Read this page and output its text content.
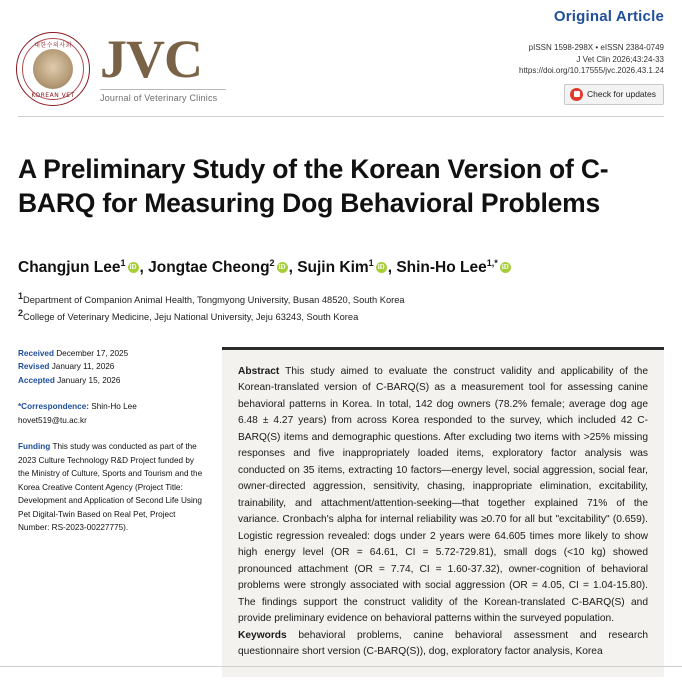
Original Article
대한수의사회
KOREAN VET
JVC
Journal of Veterinary Clinics
pISSN 1598-298X • eISSN 2384-0749
J Vet Clin 2026;43:24-33
https://doi.org/10.17555/jvc.2026.43.1.24
Check for updates
A Preliminary Study of the Korean Version of C-BARQ for Measuring Dog Behavioral Problems
Changjun Lee$^1$ iD , Jongtae Cheong$^2$ iD , Sujin Kim$^1$ iD , Shin-Ho Lee$^{1,*}$iD
1Department of Companion Animal Health, Tongmyong University, Busan 48520, South Korea
2College of Veterinary Medicine, Jeju National University, Jeju 63243, South Korea
Received December 17, 2025
Revised January 11, 2026
Accepted January 15, 2026
*Correspondence: Shin-Ho Lee
hovet519@tu.ac.kr
Funding This study was conducted as part of the 2023 Culture Technology R&D Project funded by the Ministry of Culture, Sports and Tourism and the Korea Creative Content Agency (Project Title: Development and Application of Second Life Using Pet Digital-Twin Based on Real Pet, Project Number: RS-2023-00227775).

Abstract This study aimed to evaluate the construct validity and applicability of the Korean-translated version of C-BARQ(S) as a measurement tool for assessing canine behavioral patterns in Korea. In total, 142 dog owners (78.2% female; average dog age 6.48 ± 4.27 years) from across Korea responded to the survey, which included 42 C-BARQ(S) items and demographic questions. After excluding two items with >25% missing responses and five inappropriately loaded items, exploratory factor analysis was conducted on 35 items, extracting 10 factors—energy level, social aggression, social fear, owner-directed aggression, sensitivity, chasing, inappropriate elimination, excitability, trainability, and attachment/attention-seeking—that together explained 71% of the variance. Cronbach's alpha for internal reliability was ≥0.70 for all but "excitability" (0.659). Logistic regression revealed: dogs under 2 years were 64.605 times more likely to show high energy level (OR = 64.61, CI = 5.72-729.81), small dogs (<10 kg) showed pronounced attachment (OR = 7.74, CI = 1.60-37.32), owner-cognition of behavioral problems were strongly associated with social aggression (OR = 4.05, CI = 1.04-15.80). The findings support the construct validity of the Korean-translated C-BARQ(S) and provide preliminary evidence on behavioral patterns within the surveyed population.

Keywords behavioral problems, canine behavioral assessment and research questionnaire short version (C-BARQ(S)), dog, exploratory factor analysis, Korea
